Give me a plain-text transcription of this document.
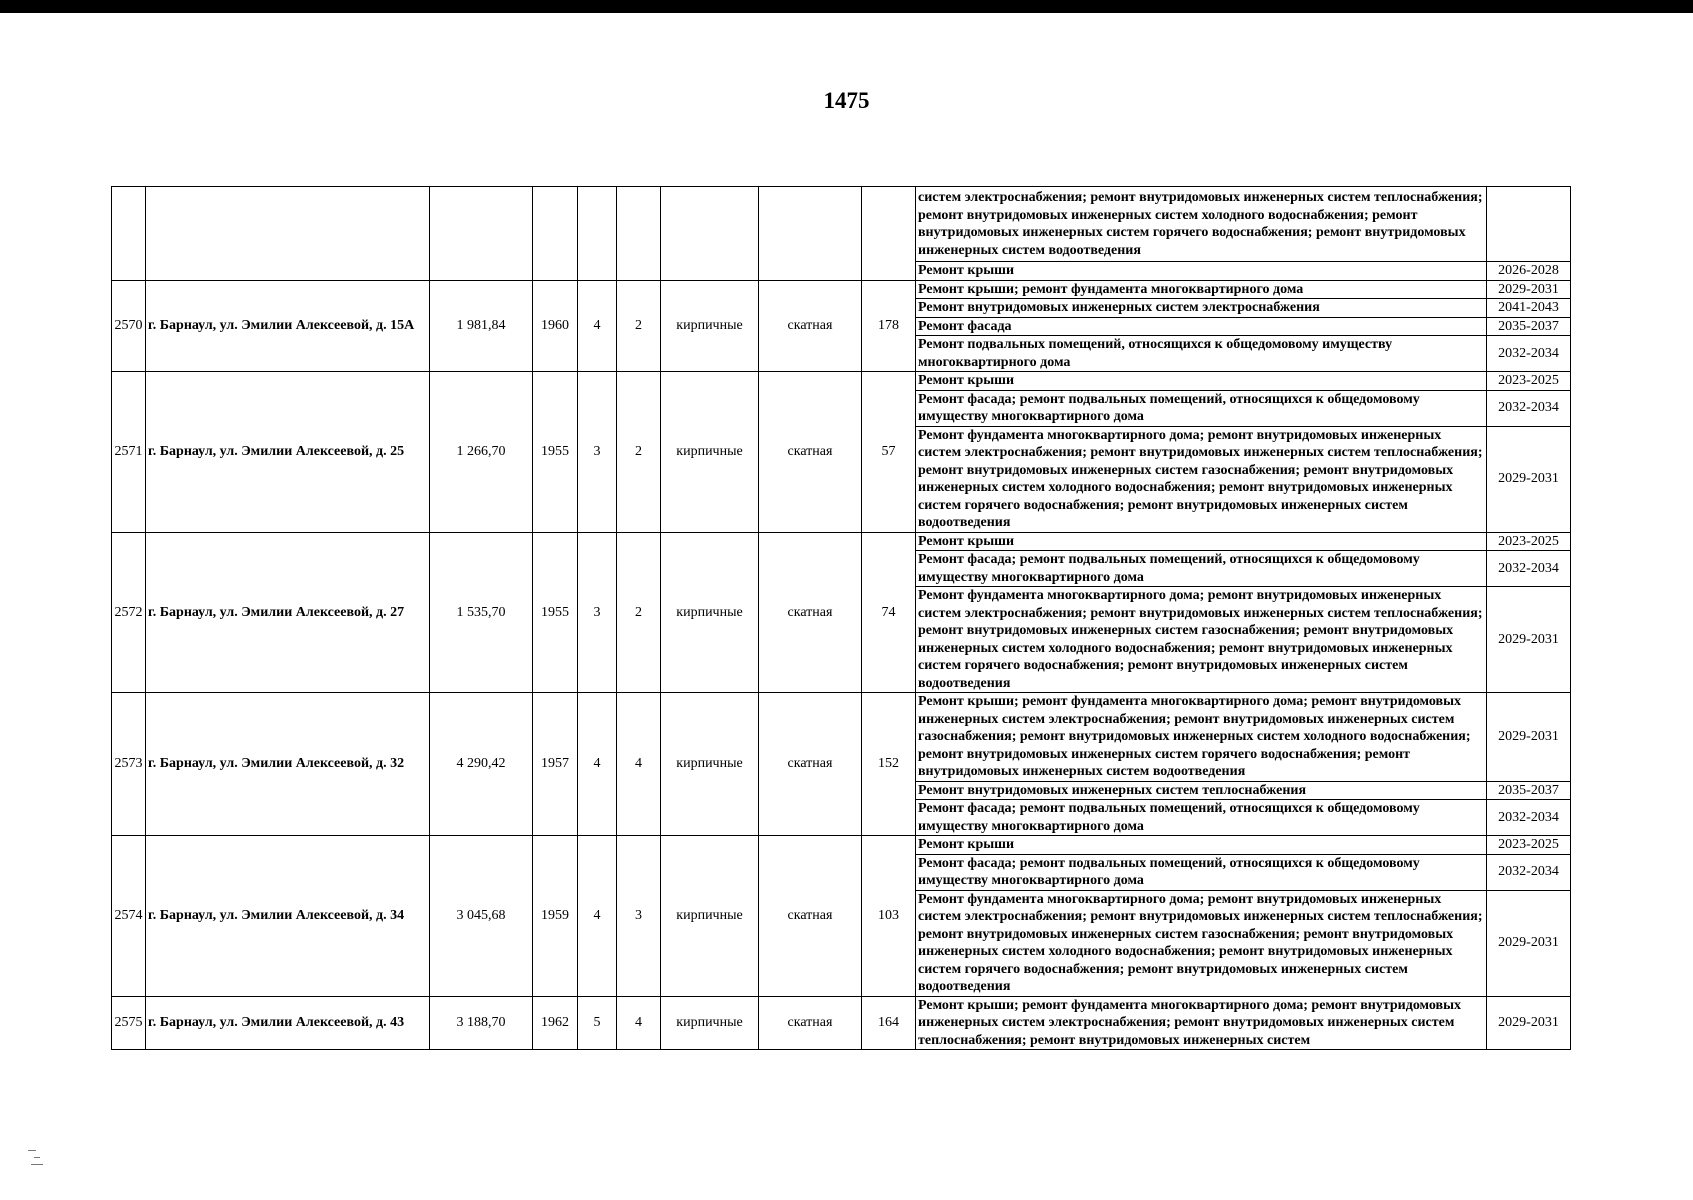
1475
									систем электроснабжения; ремонт внутридомовых инженерных систем теплоснабжения; ремонт внутридомовых инженерных систем холодного водоснабжения; ремонт внутридомовых инженерных систем горячего водоснабжения; ремонт внутридомовых инженерных систем водоотведения	
									Ремонт крыши	2026-2028
2570	г. Барнаул, ул. Эмилии Алексеевой, д. 15А	1 981,84	1960	4	2	кирпичные	скатная	178	Ремонт крыши; ремонт фундамента многоквартирного дома	2029-2031
									Ремонт внутридомовых инженерных систем электроснабжения	2041-2043
									Ремонт фасада	2035-2037
									Ремонт подвальных помещений, относящихся к общедомовому имуществу многоквартирного дома	2032-2034
2571	г. Барнаул, ул. Эмилии Алексеевой, д. 25	1 266,70	1955	3	2	кирпичные	скатная	57	Ремонт крыши	2023-2025
									Ремонт фасада; ремонт подвальных помещений, относящихся к общедомовому имуществу многоквартирного дома	2032-2034
									Ремонт фундамента многоквартирного дома; ремонт внутридомовых инженерных систем электроснабжения; ремонт внутридомовых инженерных систем теплоснабжения; ремонт внутридомовых инженерных систем газоснабжения; ремонт внутридомовых инженерных систем холодного водоснабжения; ремонт внутридомовых инженерных систем горячего водоснабжения; ремонт внутридомовых инженерных систем водоотведения	2029-2031
2572	г. Барнаул, ул. Эмилии Алексеевой, д. 27	1 535,70	1955	3	2	кирпичные	скатная	74	Ремонт крыши	2023-2025
									Ремонт фасада; ремонт подвальных помещений, относящихся к общедомовому имуществу многоквартирного дома	2032-2034
									Ремонт фундамента многоквартирного дома; ремонт внутридомовых инженерных систем электроснабжения; ремонт внутридомовых инженерных систем теплоснабжения; ремонт внутридомовых инженерных систем газоснабжения; ремонт внутридомовых инженерных систем холодного водоснабжения; ремонт внутридомовых инженерных систем горячего водоснабжения; ремонт внутридомовых инженерных систем водоотведения	2029-2031
2573	г. Барнаул, ул. Эмилии Алексеевой, д. 32	4 290,42	1957	4	4	кирпичные	скатная	152	Ремонт крыши; ремонт фундамента многоквартирного дома; ремонт внутридомовых инженерных систем электроснабжения; ремонт внутридомовых инженерных систем газоснабжения; ремонт внутридомовых инженерных систем холодного водоснабжения; ремонт внутридомовых инженерных систем горячего водоснабжения; ремонт внутридомовых инженерных систем водоотведения	2029-2031
									Ремонт внутридомовых инженерных систем теплоснабжения	2035-2037
									Ремонт фасада; ремонт подвальных помещений, относящихся к общедомовому имуществу многоквартирного дома	2032-2034
2574	г. Барнаул, ул. Эмилии Алексеевой, д. 34	3 045,68	1959	4	3	кирпичные	скатная	103	Ремонт крыши	2023-2025
									Ремонт фасада; ремонт подвальных помещений, относящихся к общедомовому имуществу многоквартирного дома	2032-2034
									Ремонт фундамента многоквартирного дома; ремонт внутридомовых инженерных систем электроснабжения; ремонт внутридомовых инженерных систем теплоснабжения; ремонт внутридомовых инженерных систем газоснабжения; ремонт внутридомовых инженерных систем холодного водоснабжения; ремонт внутридомовых инженерных систем горячего водоснабжения; ремонт внутридомовых инженерных систем водоотведения	2029-2031
2575	г. Барнаул, ул. Эмилии Алексеевой, д. 43	3 188,70	1962	5	4	кирпичные	скатная	164	Ремонт крыши; ремонт фундамента многоквартирного дома; ремонт внутридомовых инженерных систем электроснабжения; ремонт внутридомовых инженерных систем теплоснабжения; ремонт внутридомовых инженерных систем	2029-2031
